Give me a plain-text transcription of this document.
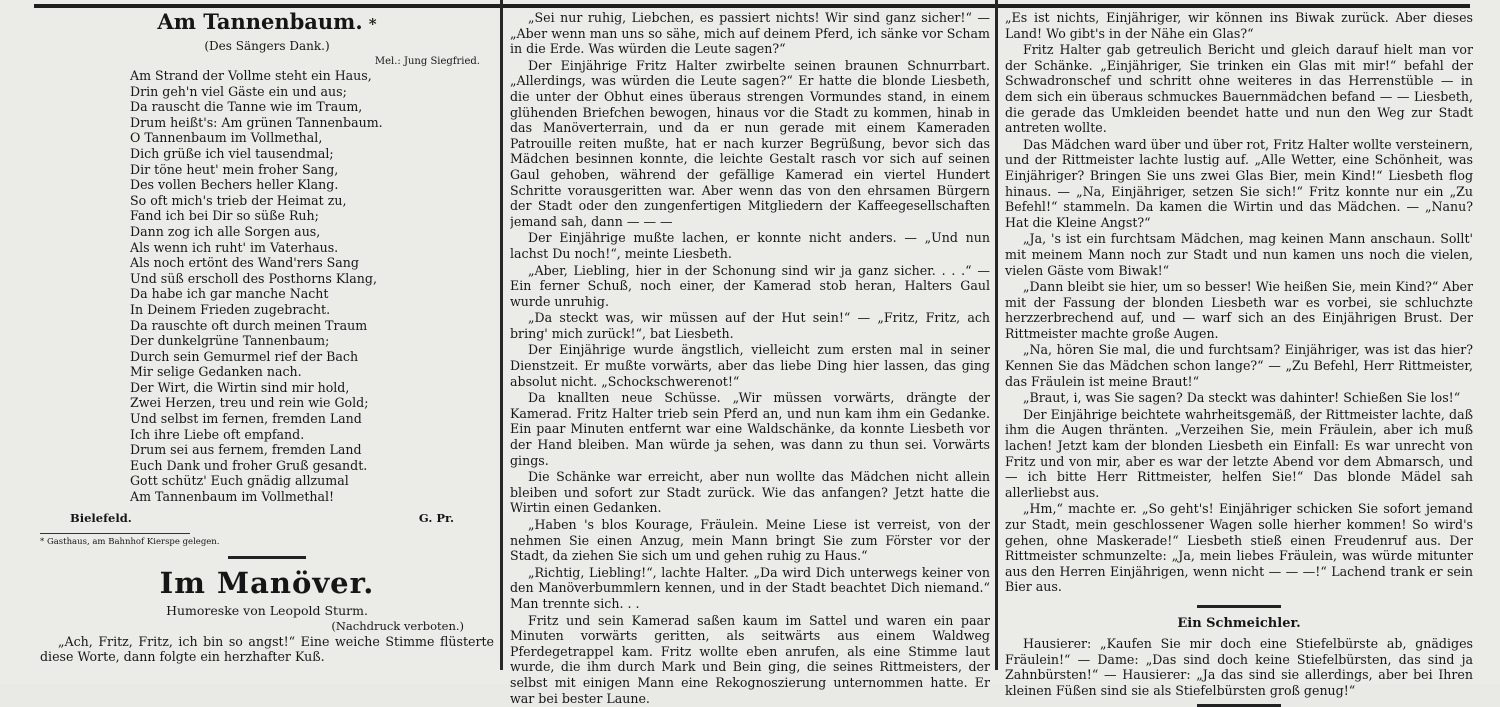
Am Tannenbaum. *
(Des Sängers Dank.)
Mel.: Jung Siegfried.
Am Strand der Vollme steht ein Haus,
Drin geh'n viel Gäste ein und aus;
Da rauscht die Tanne wie im Traum,
Drum heißt's: Am grünen Tannenbaum.
O Tannenbaum im Vollmethal,
Dich grüße ich viel tausendmal;
Dir töne heut' mein froher Sang,
Des vollen Bechers heller Klang.
So oft mich's trieb der Heimat zu,
Fand ich bei Dir so süße Ruh;
Dann zog ich alle Sorgen aus,
Als wenn ich ruht' im Vaterhaus.
Als noch ertönt des Wand'rers Sang
Und süß erscholl des Posthorns Klang,
Da habe ich gar manche Nacht
In Deinem Frieden zugebracht.
Da rauschte oft durch meinen Traum
Der dunkelgrüne Tannenbaum;
Durch sein Gemurmel rief der Bach
Mir selige Gedanken nach.
Der Wirt, die Wirtin sind mir hold,
Zwei Herzen, treu und rein wie Gold;
Und selbst im fernen, fremden Land
Ich ihre Liebe oft empfand.
Drum sei aus fernem, fremden Land
Euch Dank und froher Gruß gesandt.
Gott schütz' Euch gnädig allzumal
Am Tannenbaum im Vollmethal!
Bielefeld.	G. Pr.
* Gasthaus, am Bahnhof Kierspe gelegen.
Im Manöver.
Humoreske von Leopold Sturm.
(Nachdruck verboten.)

„Ach, Fritz, Fritz, ich bin so angst!“ Eine weiche Stimme flüsterte diese Worte, dann folgte ein herzhafter Kuß.

„Sei nur ruhig, Liebchen, es passiert nichts! Wir sind ganz sicher!“ — „Aber wenn man uns so sähe, mich auf deinem Pferd, ich sänke vor Scham in die Erde. Was würden die Leute sagen?“

Der Einjährige Fritz Halter zwirbelte seinen braunen Schnurrbart. „Allerdings, was würden die Leute sagen?“ Er hatte die blonde Liesbeth, die unter der Obhut eines überaus strengen Vormundes stand, in einem glühenden Briefchen bewogen, hinaus vor die Stadt zu kommen, hinab in das Manöverterrain, und da er nun gerade mit einem Kameraden Patrouille reiten mußte, hat er nach kurzer Begrüßung, bevor sich das Mädchen besinnen konnte, die leichte Gestalt rasch vor sich auf seinen Gaul gehoben, während der gefällige Kamerad ein viertel Hundert Schritte vorausgeritten war. Aber wenn das von den ehrsamen Bürgern der Stadt oder den zungenfertigen Mitgliedern der Kaffeegesellschaften jemand sah, dann — — —

Der Einjährige mußte lachen, er konnte nicht anders. — „Und nun lachst Du noch!“, meinte Liesbeth.

„Aber, Liebling, hier in der Schonung sind wir ja ganz sicher. . . .“ — Ein ferner Schuß, noch einer, der Kamerad stob heran, Halters Gaul wurde unruhig.

„Da steckt was, wir müssen auf der Hut sein!“ — „Fritz, Fritz, ach bring' mich zurück!“, bat Liesbeth.

Der Einjährige wurde ängstlich, vielleicht zum ersten mal in seiner Dienstzeit. Er mußte vorwärts, aber das liebe Ding hier lassen, das ging absolut nicht. „Schockschwerenot!“

Da knallten neue Schüsse. „Wir müssen vorwärts, drängte der Kamerad. Fritz Halter trieb sein Pferd an, und nun kam ihm ein Gedanke. Ein paar Minuten entfernt war eine Waldschänke, da konnte Liesbeth vor der Hand bleiben. Man würde ja sehen, was dann zu thun sei. Vorwärts gings.

Die Schänke war erreicht, aber nun wollte das Mädchen nicht allein bleiben und sofort zur Stadt zurück. Wie das anfangen? Jetzt hatte die Wirtin einen Gedanken.

„Haben 's blos Kourage, Fräulein. Meine Liese ist verreist, von der nehmen Sie einen Anzug, mein Mann bringt Sie zum Förster vor der Stadt, da ziehen Sie sich um und gehen ruhig zu Haus.“

„Richtig, Liebling!“, lachte Halter. „Da wird Dich unterwegs keiner von den Manöverbummlern kennen, und in der Stadt beachtet Dich niemand.“ Man trennte sich. . .

Fritz und sein Kamerad saßen kaum im Sattel und waren ein paar Minuten vorwärts geritten, als seitwärts aus einem Waldweg Pferdegetrappel kam. Fritz wollte eben anrufen, als eine Stimme laut wurde, die ihm durch Mark und Bein ging, die seines Rittmeisters, der selbst mit einigen Mann eine Rekognoszierung unternommen hatte. Er war bei bester Laune.

„Es ist nichts, Einjähriger, wir können ins Biwak zurück. Aber dieses Land! Wo gibt's in der Nähe ein Glas?“

Fritz Halter gab getreulich Bericht und gleich darauf hielt man vor der Schänke. „Einjähriger, Sie trinken ein Glas mit mir!“ befahl der Schwadronschef und schritt ohne weiteres in das Herrenstüble — in dem sich ein überaus schmuckes Bauernmädchen befand — — Liesbeth, die gerade das Umkleiden beendet hatte und nun den Weg zur Stadt antreten wollte.

Das Mädchen ward über und über rot, Fritz Halter wollte versteinern, und der Rittmeister lachte lustig auf. „Alle Wetter, eine Schönheit, was Einjähriger? Bringen Sie uns zwei Glas Bier, mein Kind!“ Liesbeth flog hinaus. — „Na, Einjähriger, setzen Sie sich!“ Fritz konnte nur ein „Zu Befehl!“ stammeln. Da kamen die Wirtin und das Mädchen. — „Nanu? Hat die Kleine Angst?“

„Ja, 's ist ein furchtsam Mädchen, mag keinen Mann anschaun. Sollt' mit meinem Mann noch zur Stadt und nun kamen uns noch die vielen, vielen Gäste vom Biwak!“

„Dann bleibt sie hier, um so besser! Wie heißen Sie, mein Kind?“ Aber mit der Fassung der blonden Liesbeth war es vorbei, sie schluchzte herzzerbrechend auf, und — warf sich an des Einjährigen Brust. Der Rittmeister machte große Augen.

„Na, hören Sie mal, die und furchtsam? Einjähriger, was ist das hier? Kennen Sie das Mädchen schon lange?“ — „Zu Befehl, Herr Rittmeister, das Fräulein ist meine Braut!“

„Braut, i, was Sie sagen? Da steckt was dahinter! Schießen Sie los!“

Der Einjährige beichtete wahrheitsgemäß, der Rittmeister lachte, daß ihm die Augen thränten. „Verzeihen Sie, mein Fräulein, aber ich muß lachen! Jetzt kam der blonden Liesbeth ein Einfall: Es war unrecht von Fritz und von mir, aber es war der letzte Abend vor dem Abmarsch, und — ich bitte Herr Rittmeister, helfen Sie!“ Das blonde Mädel sah allerliebst aus.

„Hm,“ machte er. „So geht's! Einjähriger schicken Sie sofort jemand zur Stadt, mein geschlossener Wagen solle hierher kommen! So wird's gehen, ohne Maskerade!“ Liesbeth stieß einen Freudenruf aus. Der Rittmeister schmunzelte: „Ja, mein liebes Fräulein, was würde mitunter aus den Herren Einjährigen, wenn nicht — — —!“ Lachend trank er sein Bier aus.

Ein Schmeichler.

Hausierer: „Kaufen Sie mir doch eine Stiefelbürste ab, gnädiges Fräulein!“ — Dame: „Das sind doch keine Stiefelbürsten, das sind ja Zahnbürsten!“ — Hausierer: „Ja das sind sie allerdings, aber bei Ihren kleinen Füßen sind sie als Stiefelbürsten groß genug!“
